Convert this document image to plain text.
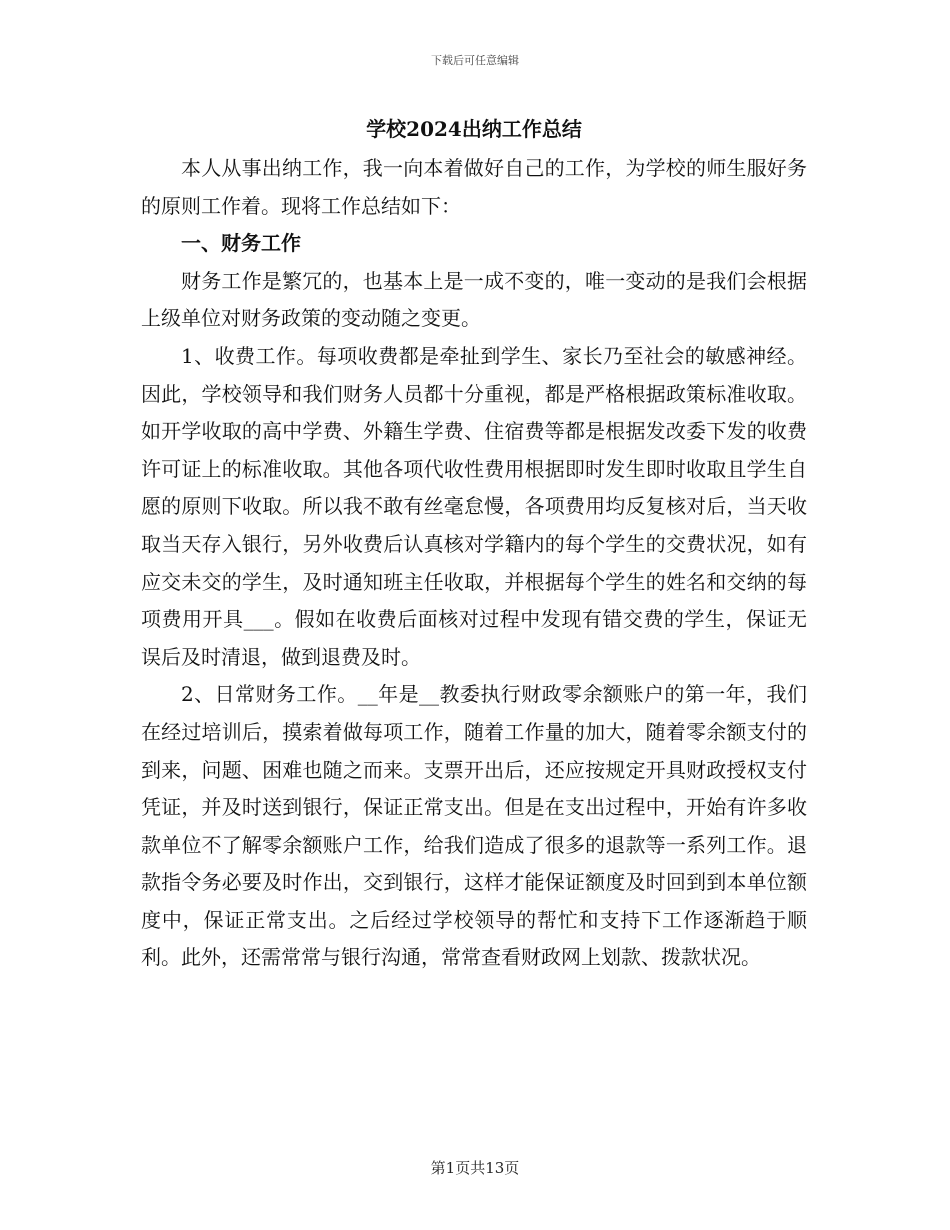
下载后可任意编辑
学校2024出纳工作总结

本人从事出纳工作，我一向本着做好自己的工作，为学校的师生服好务的原则工作着。现将工作总结如下：

一、财务工作

财务工作是繁冗的，也基本上是一成不变的，唯一变动的是我们会根据上级单位对财务政策的变动随之变更。

1、收费工作。每项收费都是牵扯到学生、家长乃至社会的敏感神经。因此，学校领导和我们财务人员都十分重视，都是严格根据政策标准收取。如开学收取的高中学费、外籍生学费、住宿费等都是根据发改委下发的收费许可证上的标准收取。其他各项代收性费用根据即时发生即时收取且学生自愿的原则下收取。所以我不敢有丝毫怠慢，各项费用均反复核对后，当天收取当天存入银行，另外收费后认真核对学籍内的每个学生的交费状况，如有应交未交的学生，及时通知班主任收取，并根据每个学生的姓名和交纳的每项费用开具___。假如在收费后面核对过程中发现有错交费的学生，保证无误后及时清退，做到退费及时。

2、日常财务工作。__年是__教委执行财政零余额账户的第一年，我们在经过培训后，摸索着做每项工作，随着工作量的加大，随着零余额支付的到来，问题、困难也随之而来。支票开出后，还应按规定开具财政授权支付凭证，并及时送到银行，保证正常支出。但是在支出过程中，开始有许多收款单位不了解零余额账户工作，给我们造成了很多的退款等一系列工作。退款指令务必要及时作出，交到银行，这样才能保证额度及时回到到本单位额度中，保证正常支出。之后经过学校领导的帮忙和支持下工作逐渐趋于顺利。此外，还需常常与银行沟通，常常查看财政网上划款、拨款状况。

第1页共13页
